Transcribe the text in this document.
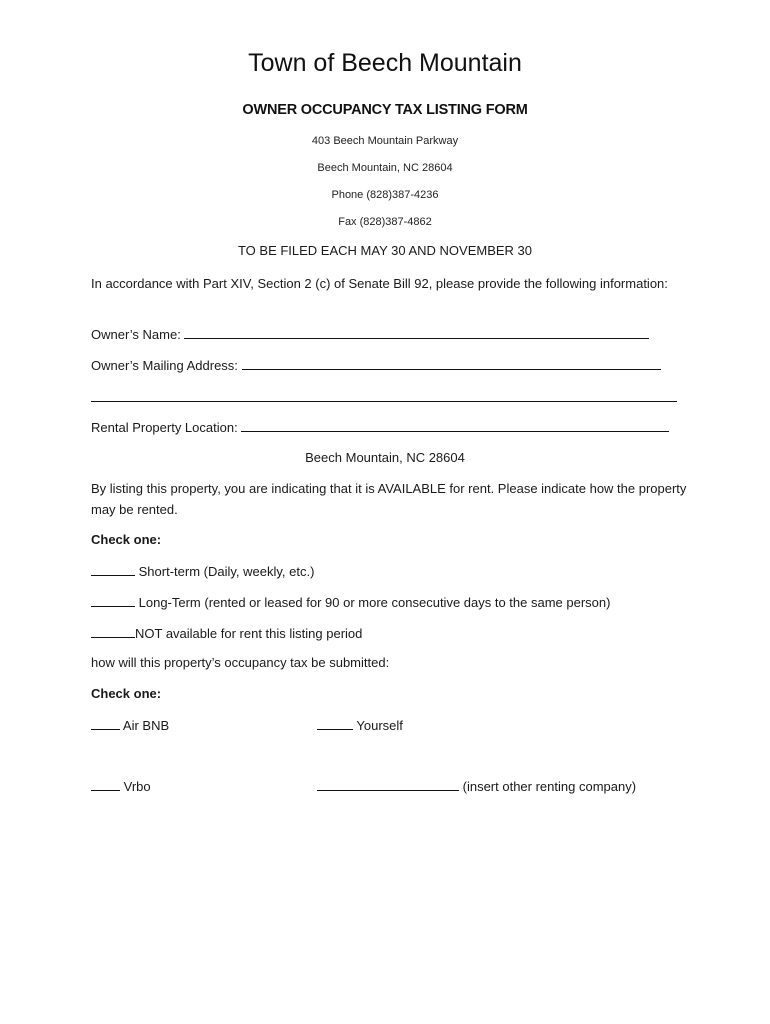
Town of Beech Mountain
OWNER OCCUPANCY TAX LISTING FORM
403 Beech Mountain Parkway
Beech Mountain, NC 28604
Phone (828)387-4236
Fax (828)387-4862
TO BE FILED EACH MAY 30 AND NOVEMBER 30
In accordance with Part XIV, Section 2 (c) of Senate Bill 92, please provide the following information:
Owner’s Name:
Owner’s Mailing Address:
Rental Property Location:
Beech Mountain, NC 28604
By listing this property, you are indicating that it is AVAILABLE for rent. Please indicate how the property may be rented.
Check one:
Short-term (Daily, weekly, etc.)
Long-Term (rented or leased for 90 or more consecutive days to the same person)
NOT available for rent this listing period
how will this property’s occupancy tax be submitted:
Check one:
Air BNB	Yourself
Vrbo	(insert other renting company)
